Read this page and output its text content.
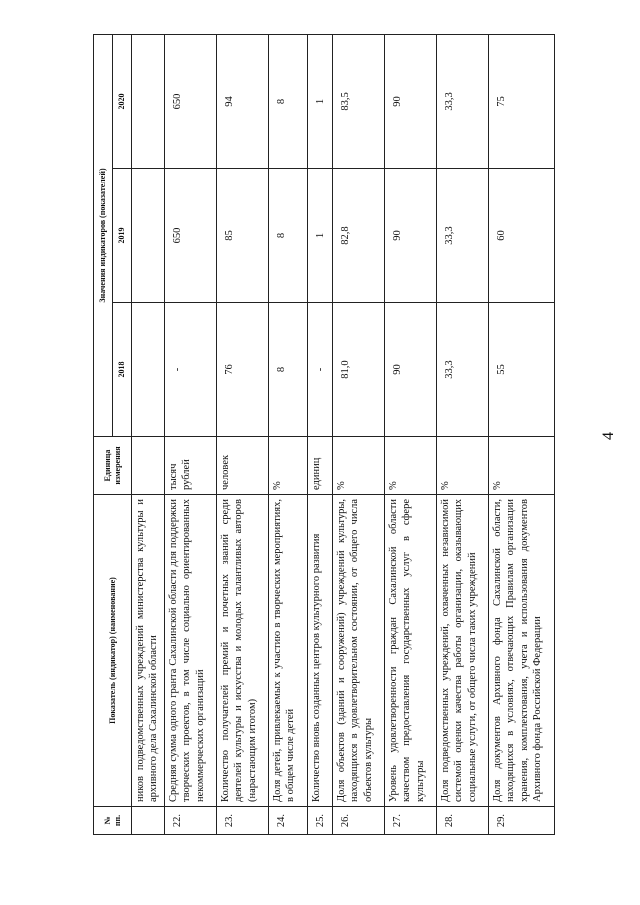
4
№ пп.	Показатель (индикатор) (наименование)	Единица измерения	Значения индикаторов (показателей)		
			2018	2019	2020
	ников подведомственных учреждений министерства культуры и архивного дела Сахалинской области				
22.	Средняя сумма одного гранта Сахалинской области для поддержки творческих проектов, в том числе социально ориентированных некоммерческих организаций	тысяч рублей	-	650	650
23.	Количество получателей премий и почетных званий среди деятелей культуры и искусства и молодых талантливых авторов (нарастающим итогом)	человек	76	85	94
24.	Доля детей, привлекаемых к участию в творческих мероприятиях, в общем числе детей	%	8	8	8
25.	Количество вновь созданных центров культурного развития	единиц	-	1	1
26.	Доля объектов (зданий и сооружений) учреждений культуры, находящихся в удовлетворительном состоянии, от общего числа объектов культуры	%	81,0	82,8	83,5
27.	Уровень удовлетворенности граждан Сахалинской области качеством предоставления государственных услуг в сфере культуры	%	90	90	90
28.	Доля подведомственных учреждений, охваченных независимой системой оценки качества работы организации, оказывающих социальные услуги, от общего числа таких учреждений	%	33,3	33,3	33,3
29.	Доля документов Архивного фонда Сахалинской области, находящихся в условиях, отвечающих Правилам организации хранения, комплектования, учета и использования документов Архивного фонда Российской Федерации	%	55	60	75
